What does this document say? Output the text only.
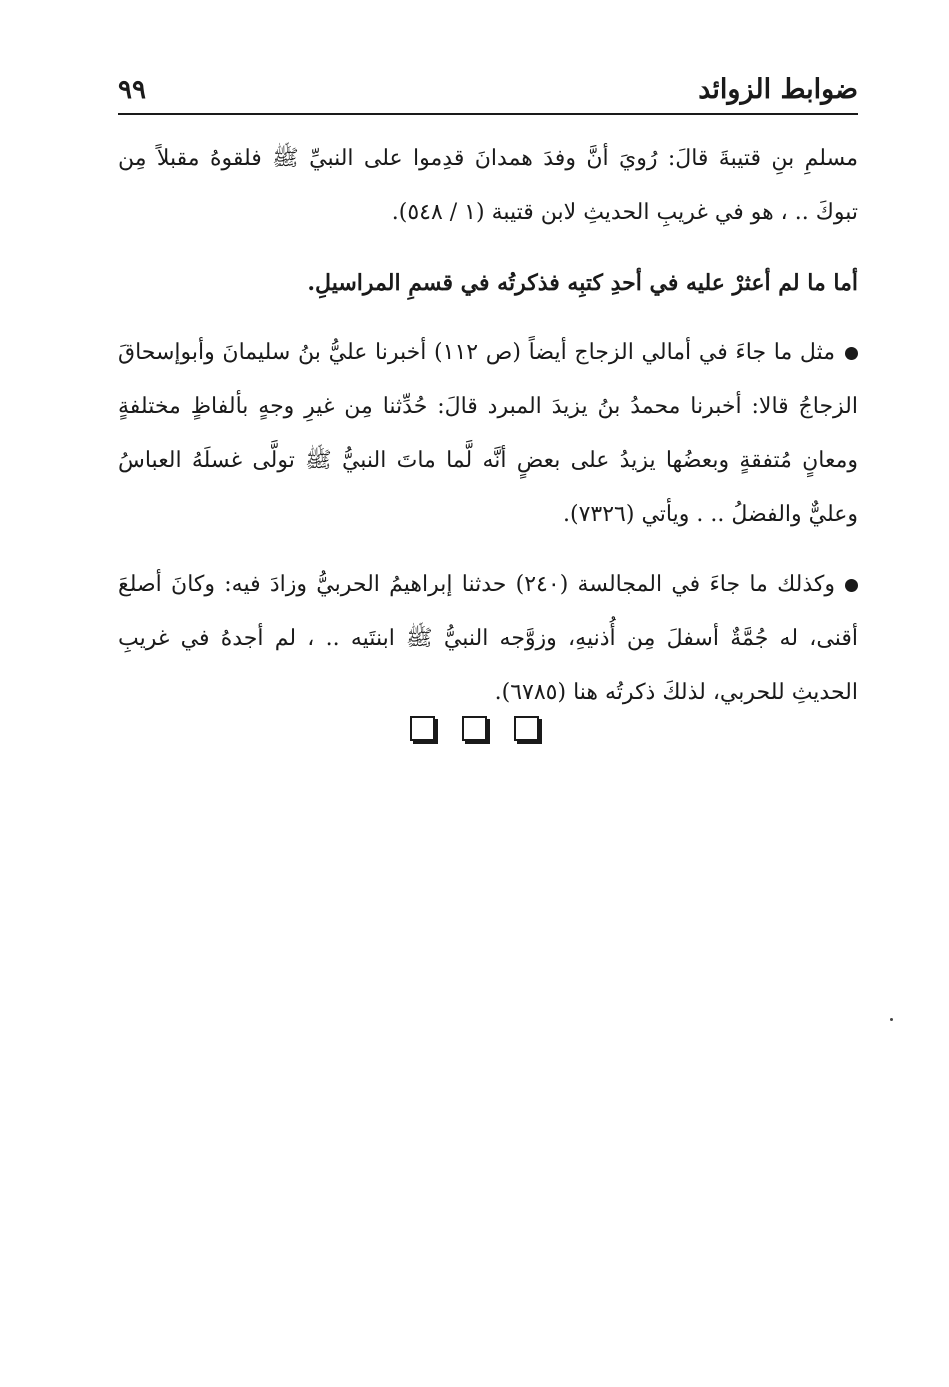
ضوابط الزوائد
٩٩

مسلمِ بنِ قتيبةَ قالَ: رُويَ أنَّ وفدَ همدانَ قدِموا على النبيِّ ﷺ فلقوهُ مقبلاً مِن تبوكَ .. ، هو في غريبِ الحديثِ لابن قتيبة (١ / ٥٤٨).

أما ما لم أعثرْ عليه في أحدِ كتبِه فذكرتُه في قسمِ المراسيلِ.

مثل ما جاءَ في أمالي الزجاج أيضاً (ص ١١٢) أخبرنا عليُّ بنُ سليمانَ وأبوإسحاقَ الزجاجُ قالا: أخبرنا محمدُ بنُ يزيدَ المبرد قالَ: حُدِّثنا مِن غيرِ وجهٍ بألفاظٍ مختلفةٍ ومعانٍ مُتفقةٍ وبعضُها يزيدُ على بعضٍ أنَّه لَّما ماتَ النبيُّ ﷺ تولَّى غسلَهُ العباسُ وعليٌّ والفضلُ .. . ويأتي (٧٣٢٦).

وكذلك ما جاءَ في المجالسة (٢٤٠) حدثنا إبراهيمُ الحربيُّ وزادَ فيه: وكانَ أصلعَ أقنى، له جُمَّةٌ أسفلَ مِن أُذنيهِ، وزوَّجه النبيُّ ﷺ ابنتَيه .. ، لم أجدهُ في غريبِ الحديثِ للحربي، لذلكَ ذكرتُه هنا (٦٧٨٥).
